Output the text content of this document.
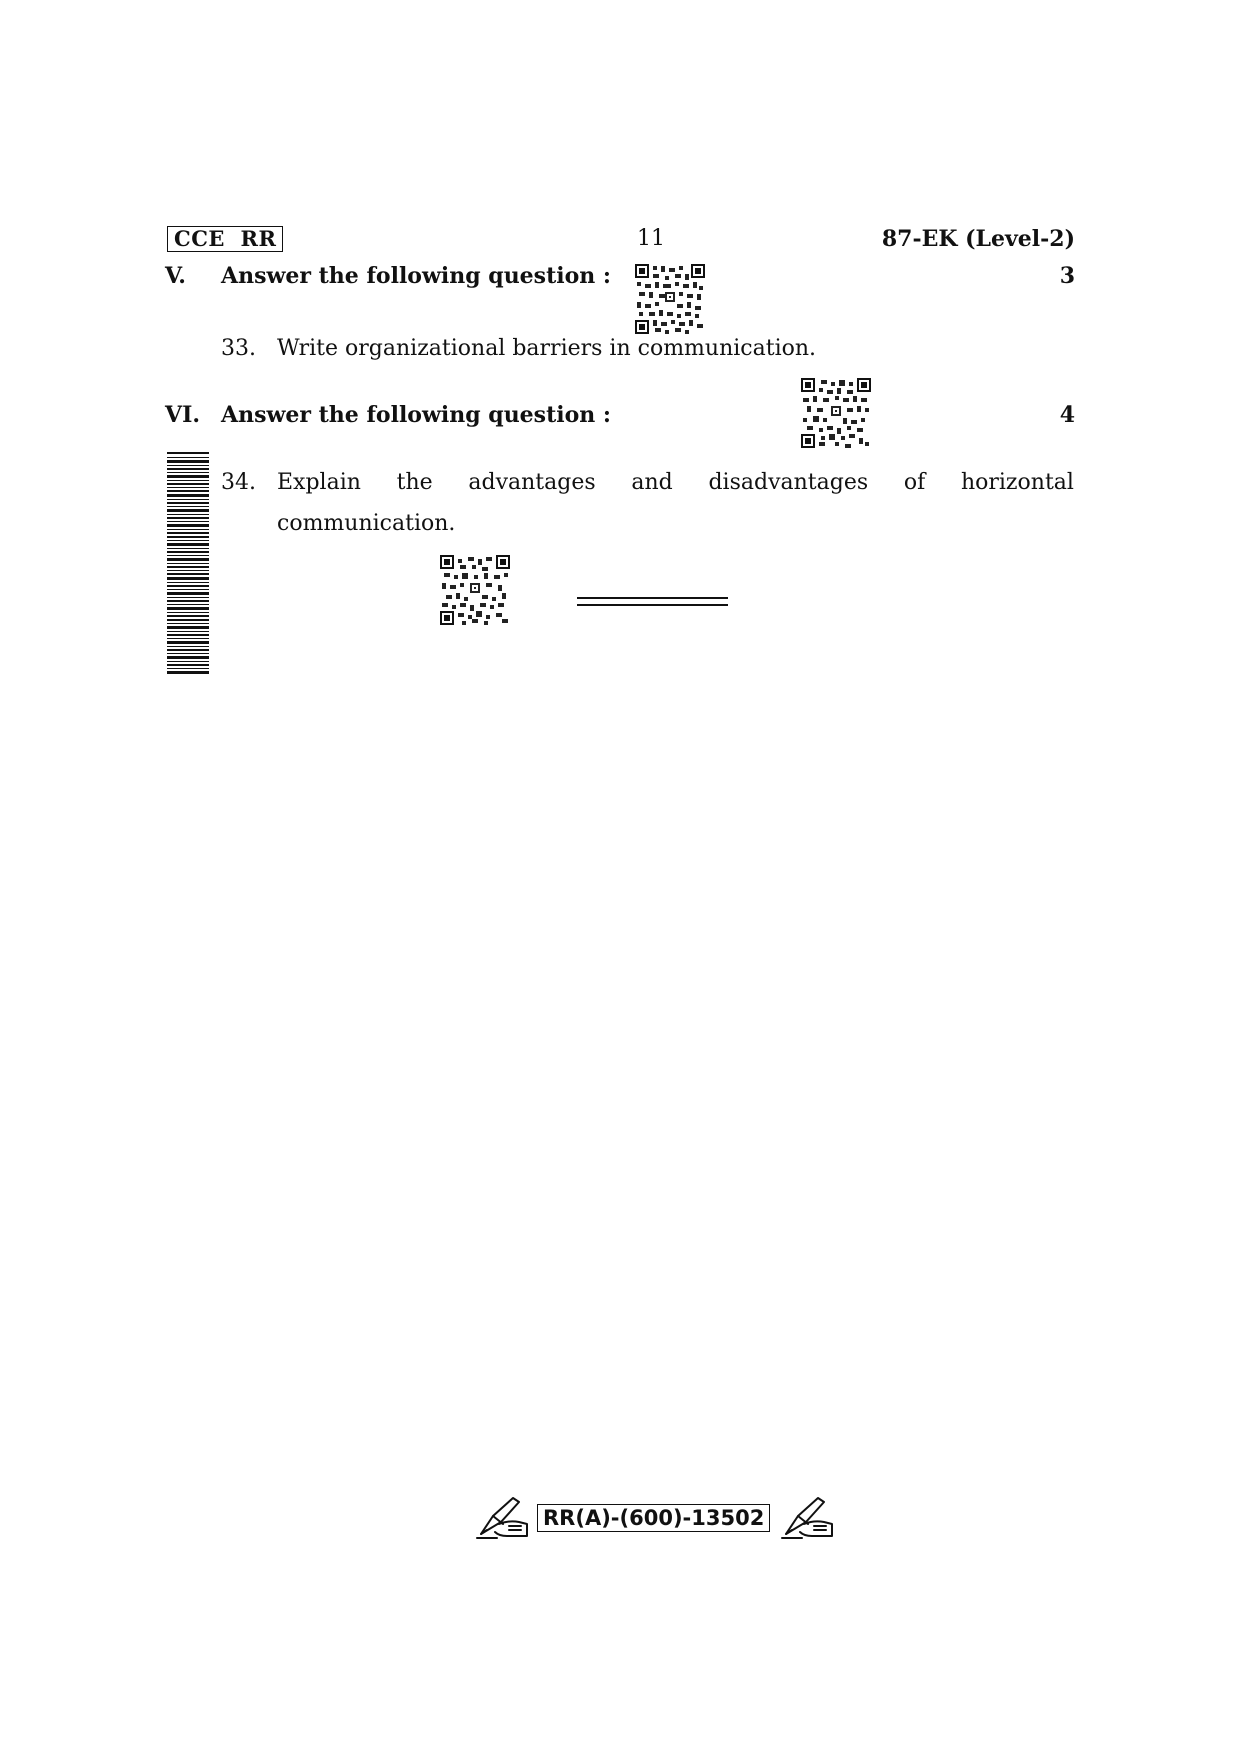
CCE  RR	11	87-EK (Level-2)
V. Answer the following question :	3
33. Write organizational barriers in communication.
VI. Answer the following question :	4
34. Explain the advantages and disadvantages of horizontal
communication.
RR(A)-(600)-13502
